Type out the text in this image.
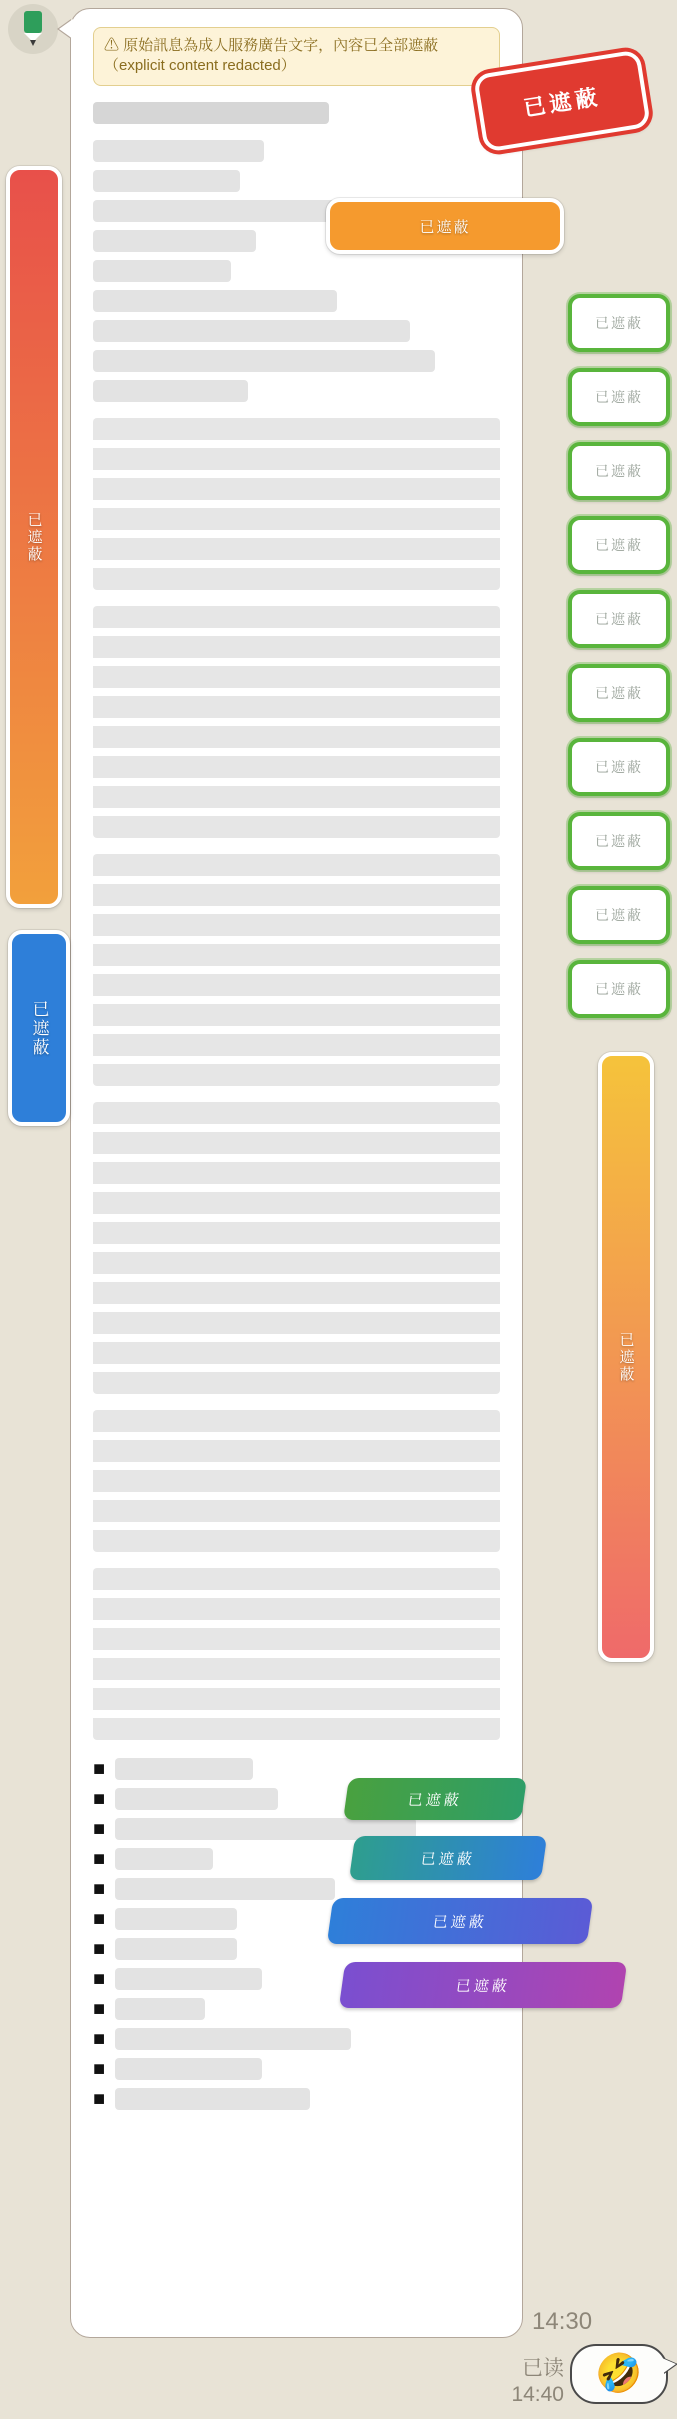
⚠ 原始訊息為成人服務廣告文字，內容已全部遮蔽（explicit content redacted）
■
■
■
■
■
■
■
■
■
■
■
■
已遮蔽
已遮蔽
已遮蔽
已遮蔽
已遮蔽
已遮蔽
已遮蔽
已遮蔽
已遮蔽
已遮蔽
已遮蔽
已遮蔽
已遮蔽
已遮蔽
已遮蔽
已遮蔽
已遮蔽
已遮蔽
已遮蔽
14:30
已读
14:40 🤣
